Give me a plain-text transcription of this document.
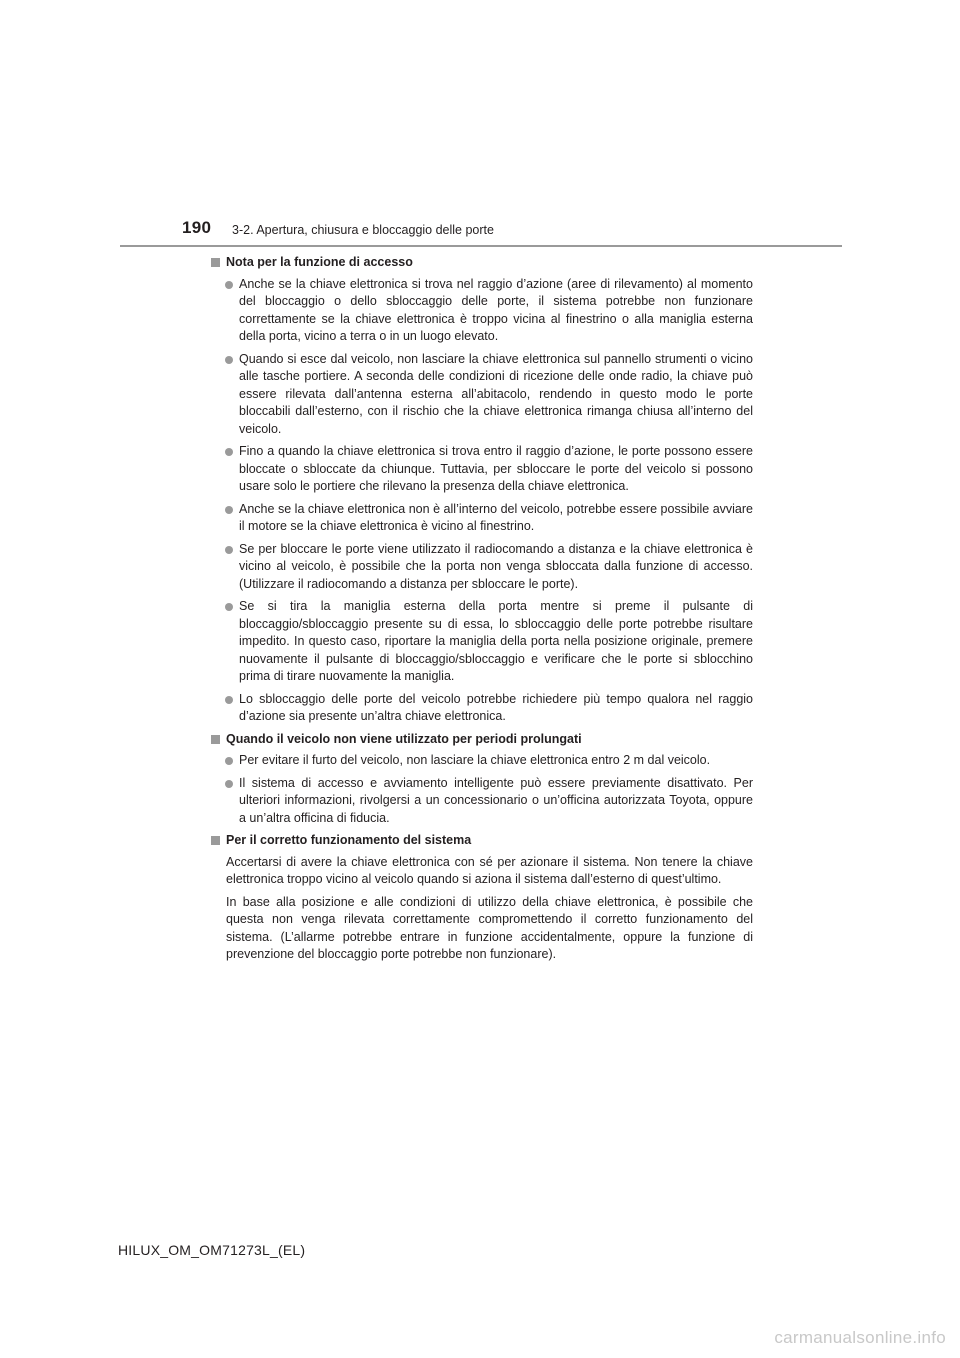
190 3-2. Apertura, chiusura e bloccaggio delle porte
Nota per la funzione di accesso
Anche se la chiave elettronica si trova nel raggio d’azione (aree di rilevamento) al momento del bloccaggio o dello sbloccaggio delle porte, il sistema potrebbe non funzionare correttamente se la chiave elettronica è troppo vicina al finestrino o alla maniglia esterna della porta, vicino a terra o in un luogo elevato.
Quando si esce dal veicolo, non lasciare la chiave elettronica sul pannello strumenti o vicino alle tasche portiere. A seconda delle condizioni di ricezione delle onde radio, la chiave può essere rilevata dall’antenna esterna all’abitacolo, rendendo in questo modo le porte bloccabili dall’esterno, con il rischio che la chiave elettronica rimanga chiusa all’interno del veicolo.
Fino a quando la chiave elettronica si trova entro il raggio d’azione, le porte possono essere bloccate o sbloccate da chiunque. Tuttavia, per sbloccare le porte del veicolo si possono usare solo le portiere che rilevano la presenza della chiave elettronica.
Anche se la chiave elettronica non è all’interno del veicolo, potrebbe essere possibile avviare il motore se la chiave elettronica è vicino al finestrino.
Se per bloccare le porte viene utilizzato il radiocomando a distanza e la chiave elettronica è vicino al veicolo, è possibile che la porta non venga sbloccata dalla funzione di accesso. (Utilizzare il radiocomando a distanza per sbloccare le porte).
Se si tira la maniglia esterna della porta mentre si preme il pulsante di bloccaggio/sbloccaggio presente su di essa, lo sbloccaggio delle porte potrebbe risultare impedito. In questo caso, riportare la maniglia della porta nella posizione originale, premere nuovamente il pulsante di bloccaggio/sbloccaggio e verificare che le porte si sblocchino prima di tirare nuovamente la maniglia.
Lo sbloccaggio delle porte del veicolo potrebbe richiedere più tempo qualora nel raggio d’azione sia presente un’altra chiave elettronica.
Quando il veicolo non viene utilizzato per periodi prolungati
Per evitare il furto del veicolo, non lasciare la chiave elettronica entro 2 m dal veicolo.
Il sistema di accesso e avviamento intelligente può essere previamente disattivato. Per ulteriori informazioni, rivolgersi a un concessionario o un’officina autorizzata Toyota, oppure a un’altra officina di fiducia.
Per il corretto funzionamento del sistema
Accertarsi di avere la chiave elettronica con sé per azionare il sistema. Non tenere la chiave elettronica troppo vicino al veicolo quando si aziona il sistema dall’esterno di quest’ultimo.
In base alla posizione e alle condizioni di utilizzo della chiave elettronica, è possibile che questa non venga rilevata correttamente compromettendo il corretto funzionamento del sistema. (L’allarme potrebbe entrare in funzione accidentalmente, oppure la funzione di prevenzione del bloccaggio porte potrebbe non funzionare).
HILUX_OM_OM71273L_(EL)
carmanualsonline.info
